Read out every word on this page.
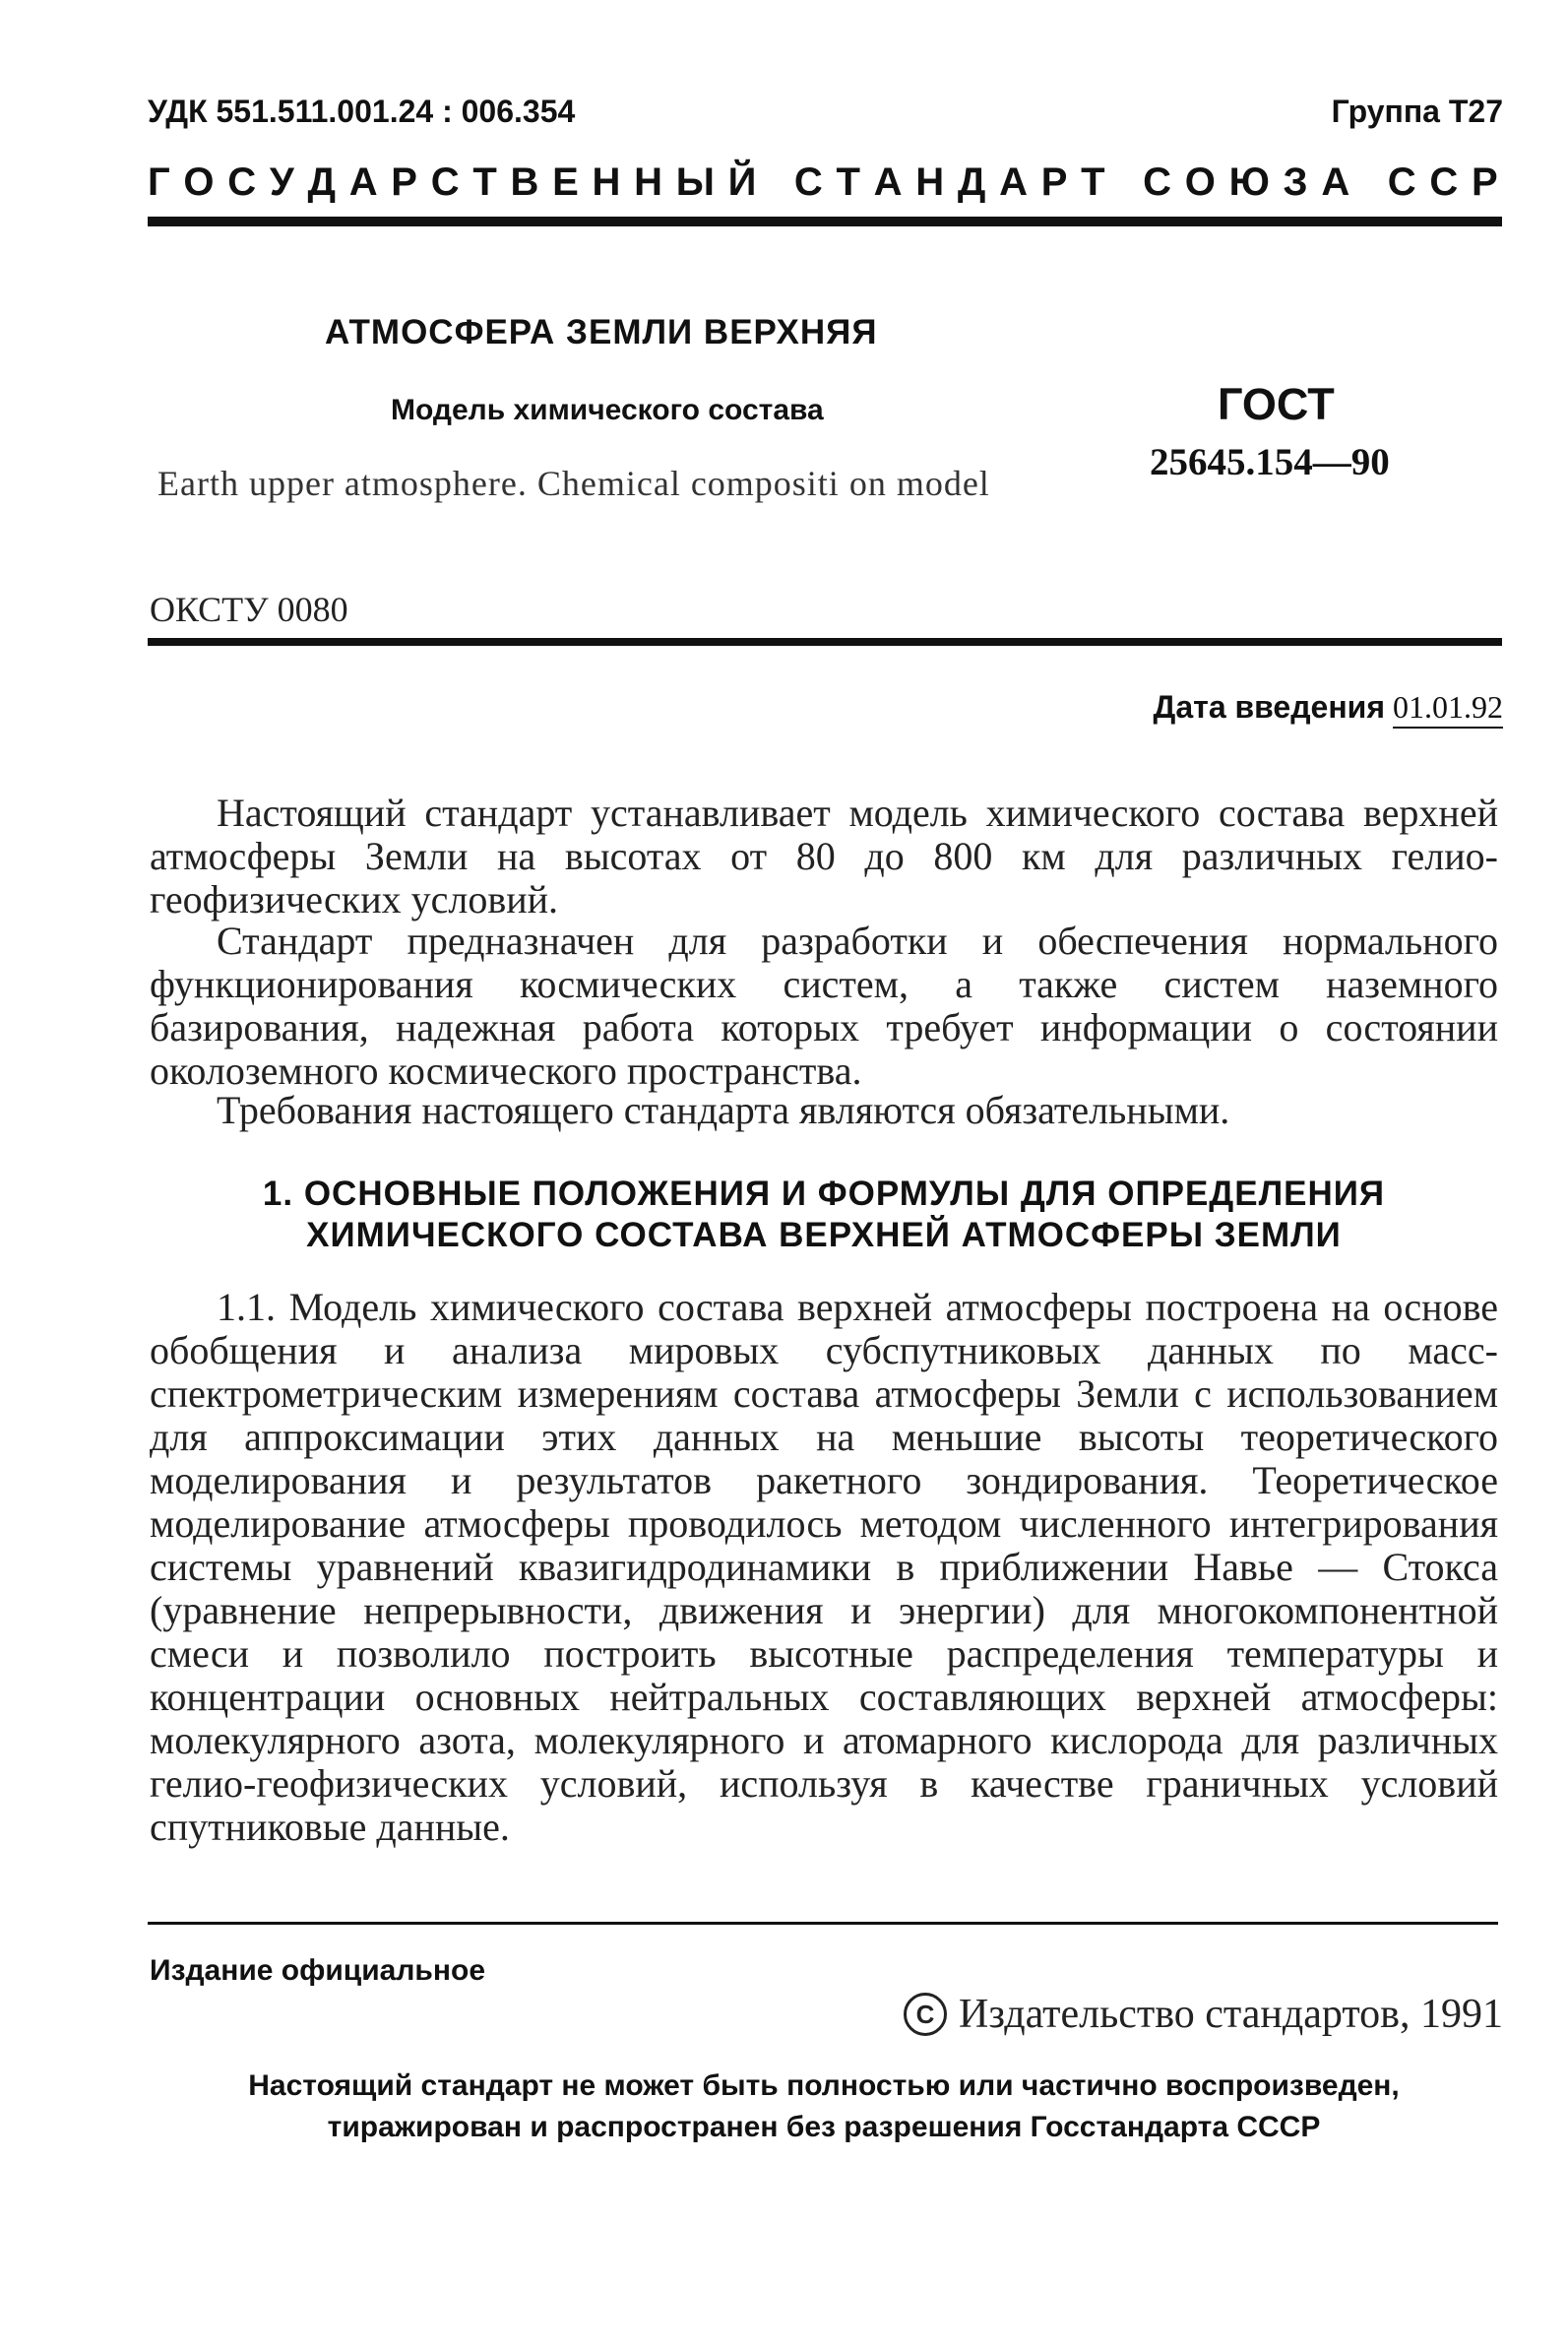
УДК 551.511.001.24 : 006.354	Группа Т27
Г О С У Д А Р С Т В Е Н Н Ы Й
С Т А Н Д А Р Т
С О Ю З А
С С Р
АТМОСФЕРА ЗЕМЛИ ВЕРХНЯЯ
Модель химического состава
Earth upper atmosphere. Chemical compositi on model
ГОСТ
25645.154—90
ОКСТУ 0080
Дата введения 01.01.92

Настоящий стандарт устанавливает модель химического состава верхней атмосферы Земли на высотах от 80 до 800 км для различных гелио-геофизических условий.

Стандарт предназначен для разработки и обеспечения нормального функционирования космических систем, а также систем наземного базирования, надежная работа которых требует информации о состоянии околоземного космического пространства.

Требования настоящего стандарта являются обязательными.

1. ОСНОВНЫЕ ПОЛОЖЕНИЯ И ФОРМУЛЫ ДЛЯ ОПРЕДЕЛЕНИЯ ХИМИЧЕСКОГО СОСТАВА ВЕРХНЕЙ АТМОСФЕРЫ ЗЕМЛИ

1.1. Модель химического состава верхней атмосферы построена на основе обобщения и анализа мировых субспутниковых данных по масс-спектрометрическим измерениям состава атмосферы Земли с использованием для аппроксимации этих данных на меньшие высоты теоретического моделирования и результатов ракетного зондирования. Теоретическое моделирование атмосферы проводилось методом численного интегрирования системы уравнений квазигидродинамики в приближении Навье — Стокса (уравнение непрерывности, движения и энергии) для многокомпонентной смеси и позволило построить высотные распределения температуры и концентрации основных нейтральных составляющих верхней атмосферы: молекулярного азота, молекулярного и атомарного кислорода для различных гелио-геофизических условий, используя в качестве граничных условий спутниковые данные.

Издание официальное
С Издательство стандартов, 1991
Настоящий стандарт не может быть полностью или частично воспроизведен, тиражирован и распространен без разрешения Госстандарта СССР
